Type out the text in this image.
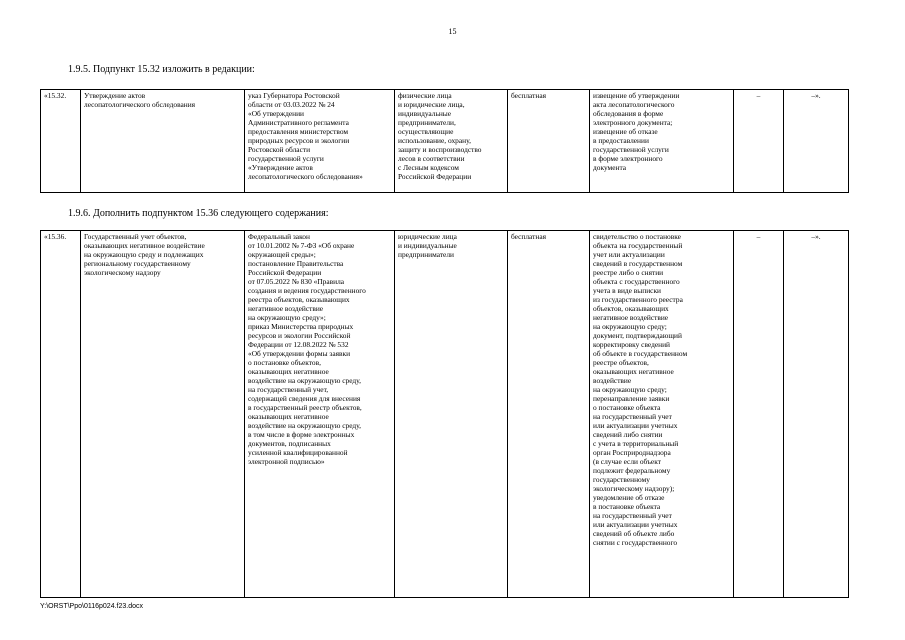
15
1.9.5. Подпункт 15.32 изложить в редакции:
«15.32.	Утверждение актов
лесопатологического обследования	указ Губернатора Ростовской
области от 03.03.2022 № 24
«Об утверждении
Административного регламента
предоставления министерством
природных ресурсов и экологии
Ростовской области
государственной услуги
«Утверждение актов
лесопатологического обследования»	физические лица
и юридические лица,
индивидуальные
предприниматели,
осуществляющие
использование, охрану,
защиту и воспроизводство
лесов в соответствии
с Лесным кодексом
Российской Федерации	бесплатная	извещение об утверждении
акта лесопатологического
обследования в форме
электронного документа;
извещение об отказе
в предоставлении
государственной услуги
в форме электронного
документа	–	–».
1.9.6. Дополнить подпунктом 15.36 следующего содержания:
«15.36.	Государственный учет объектов,
оказывающих негативное воздействие
на окружающую среду и подлежащих
региональному государственному
экологическому надзору	Федеральный закон
от 10.01.2002 № 7-ФЗ «Об охране
окружающей среды»;
постановление Правительства
Российской Федерации
от 07.05.2022 № 830 «Правила
создания и ведения государственного
реестра объектов, оказывающих
негативное воздействие
на окружающую среду»;
приказ Министерства природных
ресурсов и экологии Российской
Федерации от 12.08.2022 № 532
«Об утверждении формы заявки
о постановке объектов,
оказывающих негативное
воздействие на окружающую среду,
на государственный учет,
содержащей сведения для внесения
в государственный реестр объектов,
оказывающих негативное
воздействие на окружающую среду,
в том числе в форме электронных
документов, подписанных
усиленной квалифицированной
электронной подписью»	юридические лица
и индивидуальные
предприниматели	бесплатная	свидетельство о постановке
объекта на государственный
учет или актуализации
сведений в государственном
реестре либо о снятии
объекта с государственного
учета в виде выписки
из государственного реестра
объектов, оказывающих
негативное воздействие
на окружающую среду;
документ, подтверждающий
корректировку сведений
об объекте в государственном
реестре объектов,
оказывающих негативное
воздействие
на окружающую среду;
перенаправление заявки
о постановке объекта
на государственный учет
или актуализации учетных
сведений либо снятии
с учета в территориальный
орган Росприроднадзора
(в случае если объект
подлежит федеральному
государственному
экологическому надзору);
уведомление об отказе
в постановке объекта
на государственный учет
или актуализации учетных
сведений об объекте либо
снятии с государственного	–	–».
Y:\ORST\Ppo\0116p024.f23.docx
